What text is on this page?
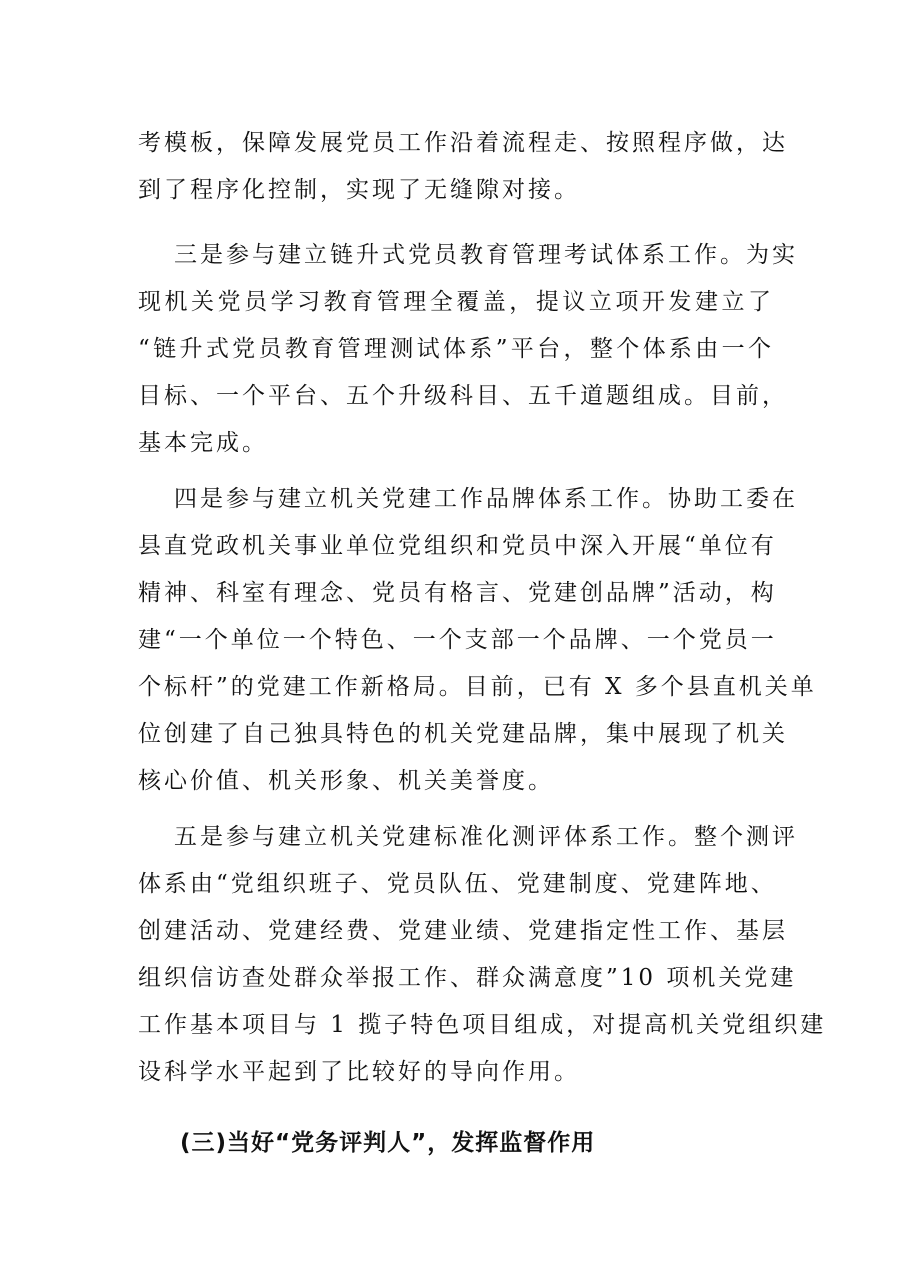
考模板，保障发展党员工作沿着流程走、按照程序做，达
到了程序化控制，实现了无缝隙对接。
三是参与建立链升式党员教育管理考试体系工作。为实
现机关党员学习教育管理全覆盖，提议立项开发建立了
“链升式党员教育管理测试体系”平台，整个体系由一个
目标、一个平台、五个升级科目、五千道题组成。目前，
基本完成。
四是参与建立机关党建工作品牌体系工作。协助工委在
县直党政机关事业单位党组织和党员中深入开展“单位有
精神、科室有理念、党员有格言、党建创品牌”活动，构
建“一个单位一个特色、一个支部一个品牌、一个党员一
个标杆”的党建工作新格局。目前，已有 X 多个县直机关单
位创建了自己独具特色的机关党建品牌，集中展现了机关
核心价值、机关形象、机关美誉度。
五是参与建立机关党建标准化测评体系工作。整个测评
体系由“党组织班子、党员队伍、党建制度、党建阵地、
创建活动、党建经费、党建业绩、党建指定性工作、基层
组织信访查处群众举报工作、群众满意度”10 项机关党建
工作基本项目与 1 揽子特色项目组成，对提高机关党组织建
设科学水平起到了比较好的导向作用。
(三)当好“党务评判人”，发挥监督作用
